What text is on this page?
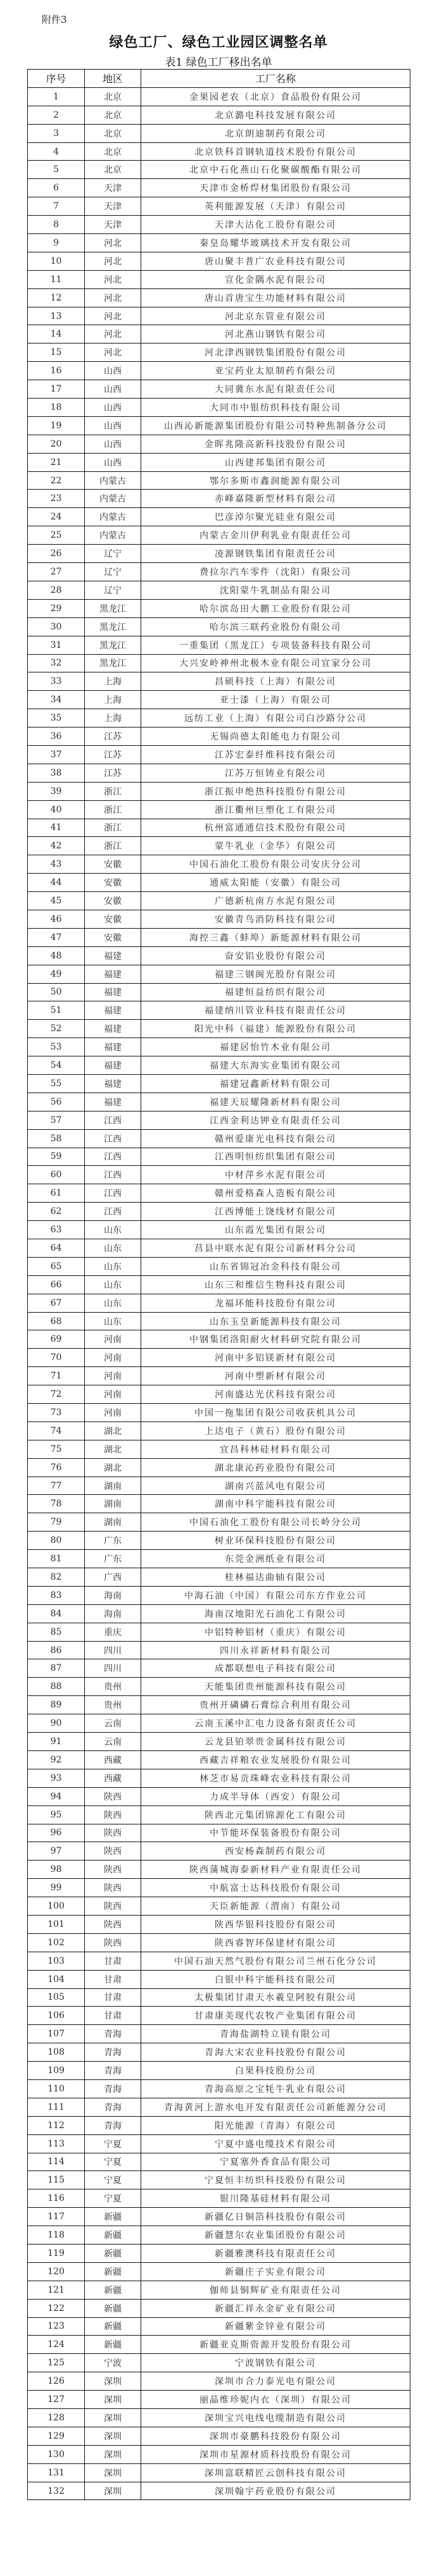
附件3
绿色工厂、绿色工业园区调整名单
表1 绿色工厂移出名单
序号	地区	工厂名称
1	北京	金果园老农（北京）食品股份有限公司
2	北京	北京潞电科技发展有限公司
3	北京	北京朗迪制药有限公司
4	北京	北京铁科首钢轨道技术股份有限公司
5	北京	北京中石化燕山石化聚碳酸酯有限公司
6	天津	天津市金桥焊材集团股份有限公司
7	天津	英利能源发展（天津）有限公司
8	天津	天津大沽化工股份有限公司
9	河北	秦皇岛耀华玻璃技术开发有限公司
10	河北	唐山聚丰普广农业科技有限公司
11	河北	宣化金隅水泥有限公司
12	河北	唐山首唐宝生功能材料有限公司
13	河北	河北京东管业有限公司
14	河北	河北燕山钢铁有限公司
15	河北	河北津西钢铁集团股份有限公司
16	山西	亚宝药业太原制药有限公司
17	山西	大同冀东水泥有限责任公司
18	山西	大同市中银纺织科技有限公司
19	山西	山西沁新能源集团股份有限公司特种焦制备分公司
20	山西	金晖兆隆高新科技股份有限公司
21	山西	山西建邦集团有限公司
22	内蒙古	鄂尔多斯市鑫润能源有限公司
23	内蒙古	赤峰嘉隆新型材料有限公司
24	内蒙古	巴彦淖尔聚光硅业有限公司
25	内蒙古	内蒙古金川伊利乳业有限责任公司
26	辽宁	凌源钢铁集团有限责任公司
27	辽宁	费拉尔汽车零件（沈阳）有限公司
28	辽宁	沈阳蒙牛乳制品有限公司
29	黑龙江	哈尔滨岛田大鹏工业股份有限公司
30	黑龙江	哈尔滨三联药业股份有限公司
31	黑龙江	一重集团（黑龙江）专项装备科技有限公司
32	黑龙江	大兴安岭神州北极木业有限公司宜家分公司
33	上海	昌硕科技（上海）有限公司
34	上海	亚士漆（上海）有限公司
35	上海	远纺工业（上海）有限公司白沙路分公司
36	江苏	无锡尚德太阳能电力有限公司
37	江苏	江苏宏泰纤维科技有限公司
38	江苏	江苏万恒铸业有限公司
39	浙江	浙江振申绝热科技股份有限公司
40	浙江	浙江衢州巨塑化工有限公司
41	浙江	杭州富通通信技术股份有限公司
42	浙江	蒙牛乳业（金华）有限公司
43	安徽	中国石油化工股份有限公司安庆分公司
44	安徽	通威太阳能（安徽）有限公司
45	安徽	广德新杭南方水泥有限公司
46	安徽	安徽青鸟消防科技有限公司
47	安徽	海控三鑫（蚌埠）新能源材料有限公司
48	福建	奋安铝业股份有限公司
49	福建	福建三钢闽光股份有限公司
50	福建	福建恒益纺织有限公司
51	福建	福建纳川管业科技有限责任公司
52	福建	阳光中科（福建）能源股份有限公司
53	福建	福建居怡竹木业有限公司
54	福建	福建大东海实业集团有限公司
55	福建	福建冠鑫新材料有限公司
56	福建	福建天辰耀隆新材料有限公司
57	江西	江西金利达钾业有限责任公司
58	江西	赣州爱康光电科技有限公司
59	江西	江西明恒纺织集团有限公司
60	江西	中材萍乡水泥有限公司
61	江西	赣州爱格森人造板有限公司
62	江西	江西博能上饶线材有限公司
63	山东	山东霞光集团有限公司
64	山东	莒县中联水泥有限公司新材料分公司
65	山东	山东省锦冠冶金科技有限公司
66	山东	山东三和维信生物科技有限公司
67	山东	龙福环能科技股份有限公司
68	山东	山东玉皇新能源科技有限公司
69	河南	中钢集团洛阳耐火材料研究院有限公司
70	河南	河南中多铝镁新材有限公司
71	河南	河南中塑新材有限公司
72	河南	河南盛达光伏科技有限公司
73	河南	中国一拖集团有限公司收获机具公司
74	湖北	上达电子（黄石）股份有限公司
75	湖北	宜昌科林硅材料有限公司
76	湖北	湖北康沁药业股份有限公司
77	湖南	湖南兴蓝风电有限公司
78	湖南	湖南中科宇能科技有限公司
79	湖南	中国石油化工股份有限公司长岭分公司
80	广东	树业环保科技股份有限公司
81	广东	东莞金洲纸业有限公司
82	广西	桂林福达曲轴有限公司
83	海南	中海石油（中国）有限公司东方作业公司
84	海南	海南汉地阳光石油化工有限公司
85	重庆	中铝特种铝材（重庆）有限公司
86	四川	四川永祥新材料有限公司
87	四川	成都联想电子科技有限公司
88	贵州	天能集团贵州能源科技有限公司
89	贵州	贵州开磷磷石膏综合利用有限公司
90	云南	云南玉溪中汇电力设备有限责任公司
91	云南	云龙县铂翠贵金属科技有限公司
92	西藏	西藏吉祥粮农业发展股份有限公司
93	西藏	林芝市易贡珠峰农业科技有限公司
94	陕西	力成半导体（西安）有限公司
95	陕西	陕西北元集团锦源化工有限公司
96	陕西	中节能环保装备股份有限公司
97	陕西	西安杨森制药有限公司
98	陕西	陕西蒲城海泰新材料产业有限责任公司
99	陕西	中航富士达科技股份有限公司
100	陕西	天臣新能源（渭南）有限公司
101	陕西	陕西华银科技股份有限公司
102	陕西	陕西睿智环保建材有限公司
103	甘肃	中国石油天然气股份有限公司兰州石化分公司
104	甘肃	白银中科宇能科技有限公司
105	甘肃	太极集团甘肃天水羲皇阿胶有限公司
106	甘肃	甘肃康美现代农牧产业集团有限公司
107	青海	青海盐湖特立镁有限公司
108	青海	青海大宋农业科技股份有限公司
109	青海	白果科技股份公司
110	青海	青海高原之宝牦牛乳业有限公司
111	青海	青海黄河上游水电开发有限责任公司新能源分公司
112	青海	阳光能源（青海）有限公司
113	宁夏	宁夏中盛电缆技术有限公司
114	宁夏	宁夏塞外香食品有限公司
115	宁夏	宁夏恒丰纺织科技股份有限公司
116	宁夏	银川隆基硅材料有限公司
117	新疆	新疆亿日铜箔科技股份有限公司
118	新疆	新疆慧尔农业集团股份有限公司
119	新疆	新疆雅澳科技有限责任公司
120	新疆	新疆庄子实业有限公司
121	新疆	伽师县铜辉矿业有限责任公司
122	新疆	新疆汇祥永金矿业有限公司
123	新疆	新疆紫金锌业有限公司
124	新疆	新疆亚克斯资源开发股份有限公司
125	宁波	宁波钢铁有限公司
126	深圳	深圳市合力泰光电有限公司
127	深圳	丽晶维珍妮内衣（深圳）有限公司
128	深圳	深圳宝兴电线电缆制造有限公司
129	深圳	深圳市豪鹏科技股份有限公司
130	深圳	深圳市星源材质科技股份有限公司
131	深圳	深圳富联精匠云创科技有限公司
132	深圳	深圳翰宇药业股份有限公司
